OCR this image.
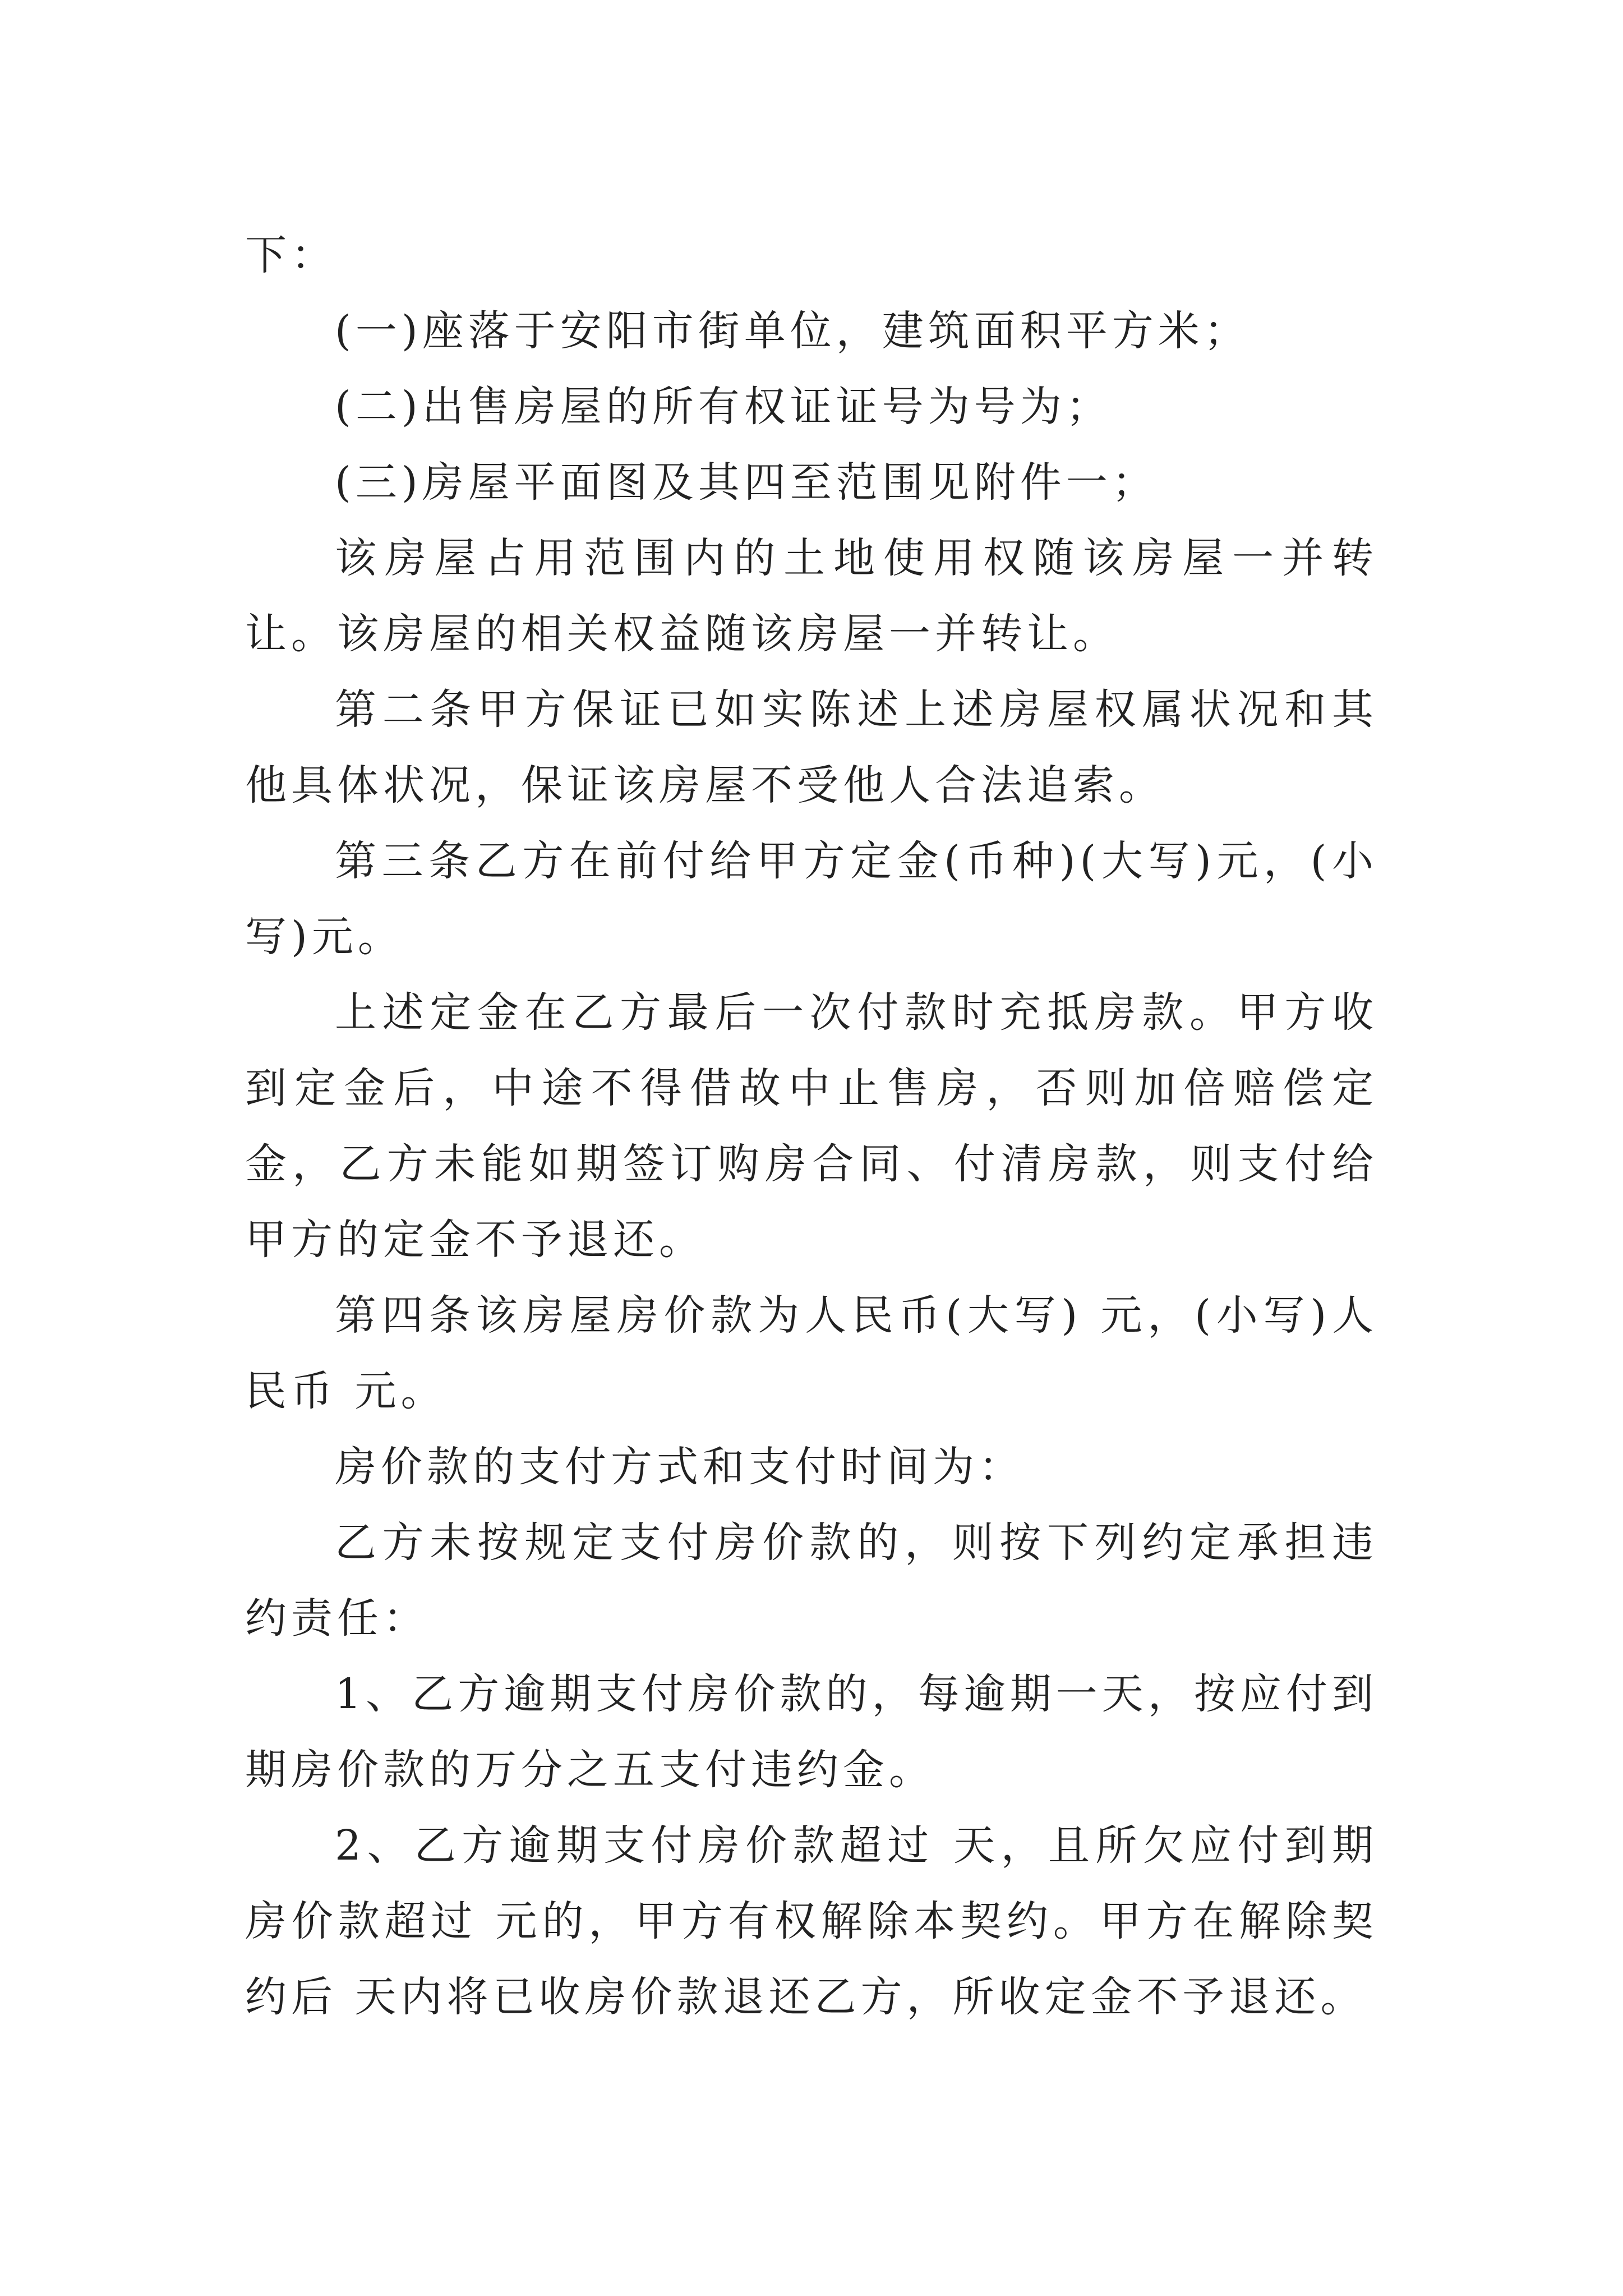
下：

(一)座落于安阳市街单位，建筑面积平方米；

(二)出售房屋的所有权证证号为号为；

(三)房屋平面图及其四至范围见附件一；

该房屋占用范围内的土地使用权随该房屋一并转让。该房屋的相关权益随该房屋一并转让。

第二条甲方保证已如实陈述上述房屋权属状况和其他具体状况，保证该房屋不受他人合法追索。

第三条乙方在前付给甲方定金(币种)(大写)元，(小写)元。

上述定金在乙方最后一次付款时充抵房款。甲方收到定金后，中途不得借故中止售房，否则加倍赔偿定金，乙方未能如期签订购房合同、付清房款，则支付给甲方的定金不予退还。

第四条该房屋房价款为人民币(大写) 元，(小写)人民币 元。

房价款的支付方式和支付时间为：

乙方未按规定支付房价款的，则按下列约定承担违约责任：

1、乙方逾期支付房价款的，每逾期一天，按应付到期房价款的万分之五支付违约金。

2、乙方逾期支付房价款超过 天，且所欠应付到期房价款超过 元的，甲方有权解除本契约。甲方在解除契约后 天内将已收房价款退还乙方，所收定金不予退还。
